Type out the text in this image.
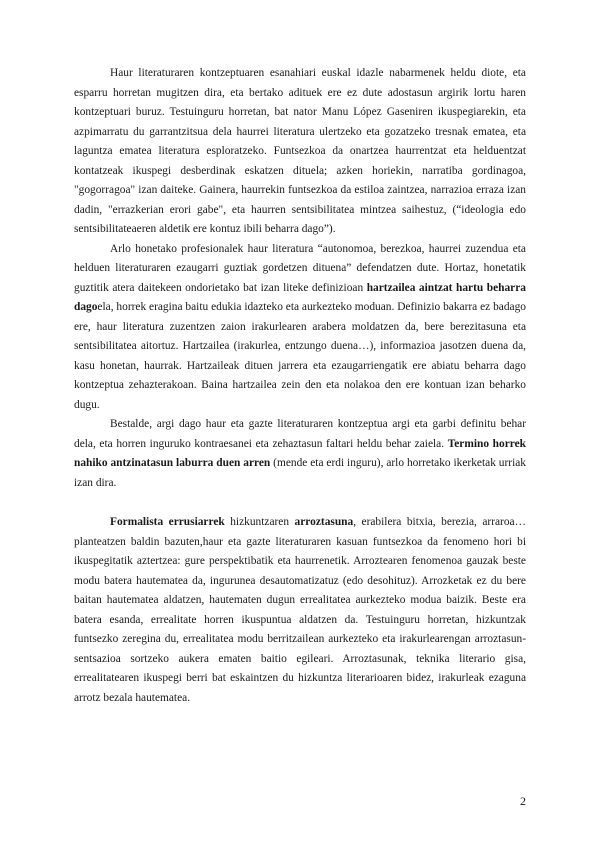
Haur literaturaren kontzeptuaren esanahiari euskal idazle nabarmenek heldu diote, eta esparru horretan mugitzen dira, eta bertako adituek ere ez dute adostasun argirik lortu haren kontzeptuari buruz. Testuinguru horretan, bat nator Manu López Gaseniren ikuspegiarekin, eta azpimarratu du garrantzitsua dela haurrei literatura ulertzeko eta gozatzeko tresnak ematea, eta laguntza ematea literatura esploratzeko. Funtsezkoa da onartzea haurrentzat eta helduentzat kontatzeak ikuspegi desberdinak eskatzen dituela; azken horiekin, narratiba gordinagoa, "gogorragoa" izan daiteke. Gainera, haurrekin funtsezkoa da estiloa zaintzea, narrazioa erraza izan dadin, "errazkerian erori gabe", eta haurren sentsibilitatea mintzea saihestuz, (“ideologia edo sentsibilitateaeren aldetik ere kontuz ibili beharra dago”).

Arlo honetako profesionalek haur literatura “autonomoa, berezkoa, haurrei zuzendua eta helduen literaturaren ezaugarri guztiak gordetzen dituena” defendatzen dute. Hortaz, honetatik guztitik atera daitekeen ondorietako bat izan liteke definizioan hartzailea aintzat hartu beharra dagoela, horrek eragina baitu edukia idazteko eta aurkezteko moduan. Definizio bakarra ez badago ere, haur literatura zuzentzen zaion irakurlearen arabera moldatzen da, bere berezitasuna eta sentsibilitatea aitortuz. Hartzailea (irakurlea, entzungo duena…), informazioa jasotzen duena da, kasu honetan, haurrak. Hartzaileak dituen jarrera eta ezaugarriengatik ere abiatu beharra dago kontzeptua zehazterakoan. Baina hartzailea zein den eta nolakoa den ere kontuan izan beharko dugu.

Bestalde, argi dago haur eta gazte literaturaren kontzeptua argi eta garbi definitu behar dela, eta horren inguruko kontraesanei eta zehaztasun faltari heldu behar zaiela. Termino horrek nahiko antzinatasun laburra duen arren (mende eta erdi inguru), arlo horretako ikerketak urriak izan dira.

Formalista errusiarrek hizkuntzaren arroztasuna, erabilera bitxia, berezia, arraroa… planteatzen baldin bazuten,haur eta gazte literaturaren kasuan funtsezkoa da fenomeno hori bi ikuspegitatik aztertzea: gure perspektibatik eta haurrenetik. Arroztearen fenomenoa gauzak beste modu batera hautematea da, ingurunea desautomatizatuz (edo desohituz). Arrozketak ez du bere baitan hautematea aldatzen, hautematen dugun errealitatea aurkezteko modua baizik. Beste era batera esanda, errealitate horren ikuspuntua aldatzen da. Testuinguru horretan, hizkuntzak funtsezko zeregina du, errealitatea modu berritzailean aurkezteko eta irakurlearengan arroztasun-sentsazioa sortzeko aukera ematen baitio egileari. Arroztasunak, teknika literario gisa, errealitatearen ikuspegi berri bat eskaintzen du hizkuntza literarioaren bidez, irakurleak ezaguna arrotz bezala hautematea.

2
